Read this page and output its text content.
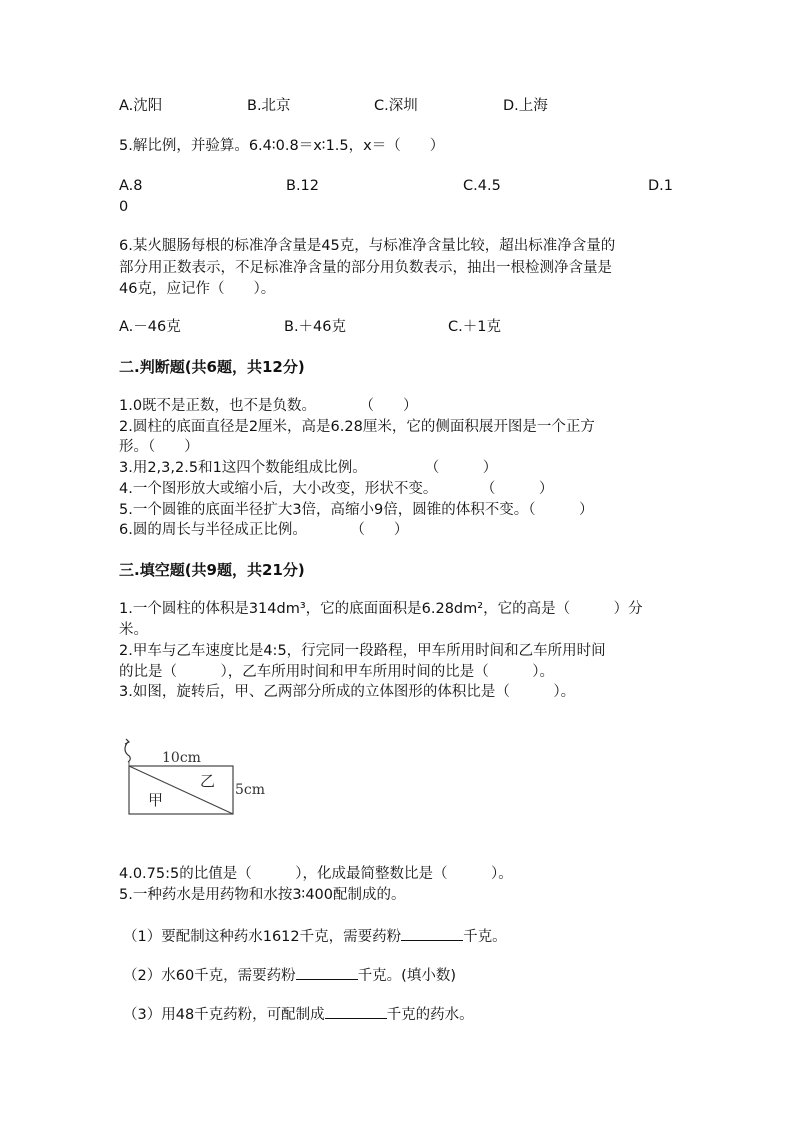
A.沈阳	B.北京	C.深圳	D.上海
5.解比例，并验算。6.4∶0.8＝x∶1.5，x＝（　　）
A.8	B.12	C.4.5	D.1
0
6.某火腿肠每根的标准净含量是45克，与标准净含量比较，超出标准净含量的
部分用正数表示，不足标准净含量的部分用负数表示，抽出一根检测净含量是
46克，应记作（　　）。
A.－46克	B.＋46克	C.＋1克
二.判断题(共6题，共12分)
1.0既不是正数，也不是负数。　　　　（　　）
2.圆柱的底面直径是2厘米，高是6.28厘米，它的侧面积展开图是一个正方
形。（　　）
3.用2,3,2.5和1这四个数能组成比例。　　　　　（　　　）
4.一个图形放大或缩小后，大小改变，形状不变。　　　　（　　　）
5.一个圆锥的底面半径扩大3倍，高缩小9倍，圆锥的体积不变。（　　　）
6.圆的周长与半径成正比例。　　　　（　　）
三.填空题(共9题，共21分)
1.一个圆柱的体积是314dm³，它的底面面积是6.28dm²，它的高是（　　　）分
米。
2.甲车与乙车速度比是4:5，行完同一段路程，甲车所用时间和乙车所用时间
的比是（　　　），乙车所用时间和甲车所用时间的比是（　　　）。
3.如图，旋转后，甲、乙两部分所成的立体图形的体积比是（　　　）。
10cm
5cm
甲
乙
4.0.75:5的比值是（　　　），化成最简整数比是（　　　）。
5.一种药水是用药物和水按3∶400配制成的。
（1）要配制这种药水1612千克，需要药粉	千克。
（2）水60千克，需要药粉	千克。(填小数)
（3）用48千克药粉，可配制成	千克的药水。
